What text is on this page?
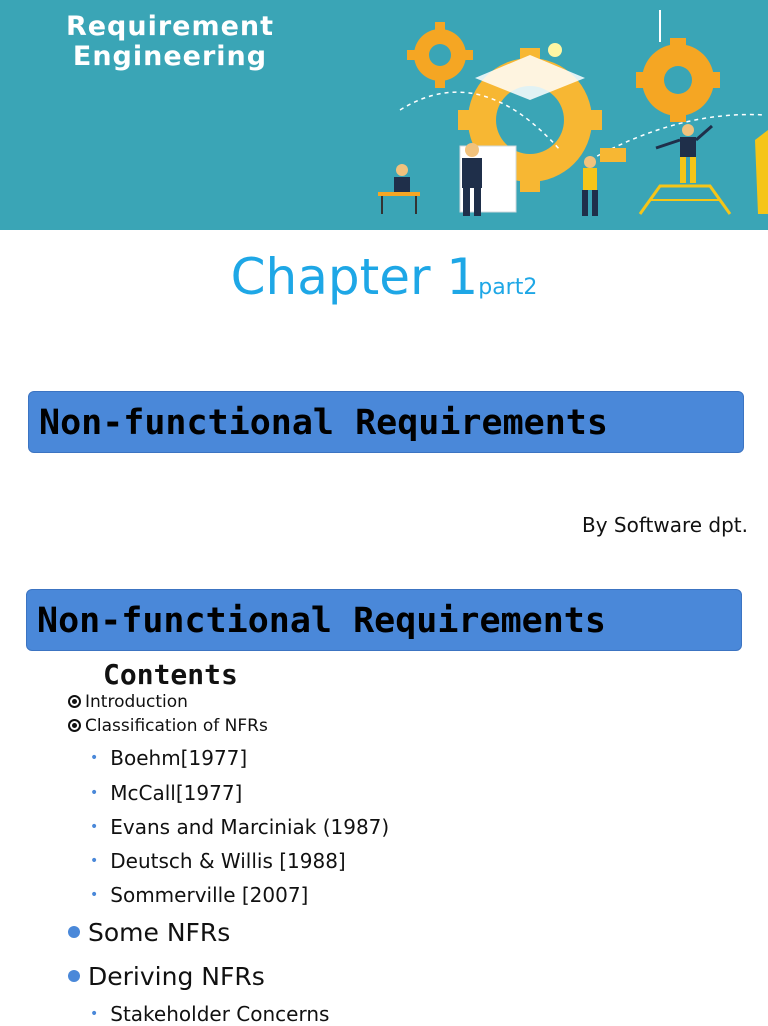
Requirement
Engineering
Chapter 1part2
Non-functional Requirements
By Software dpt.
Non-functional Requirements
Contents
Introduction
Classification of NFRs
• Boehm[1977]
• McCall[1977]
• Evans and Marciniak (1987)
• Deutsch & Willis [1988]
• Sommerville [2007]
Some NFRs
Deriving NFRs
• Stakeholder Concerns
